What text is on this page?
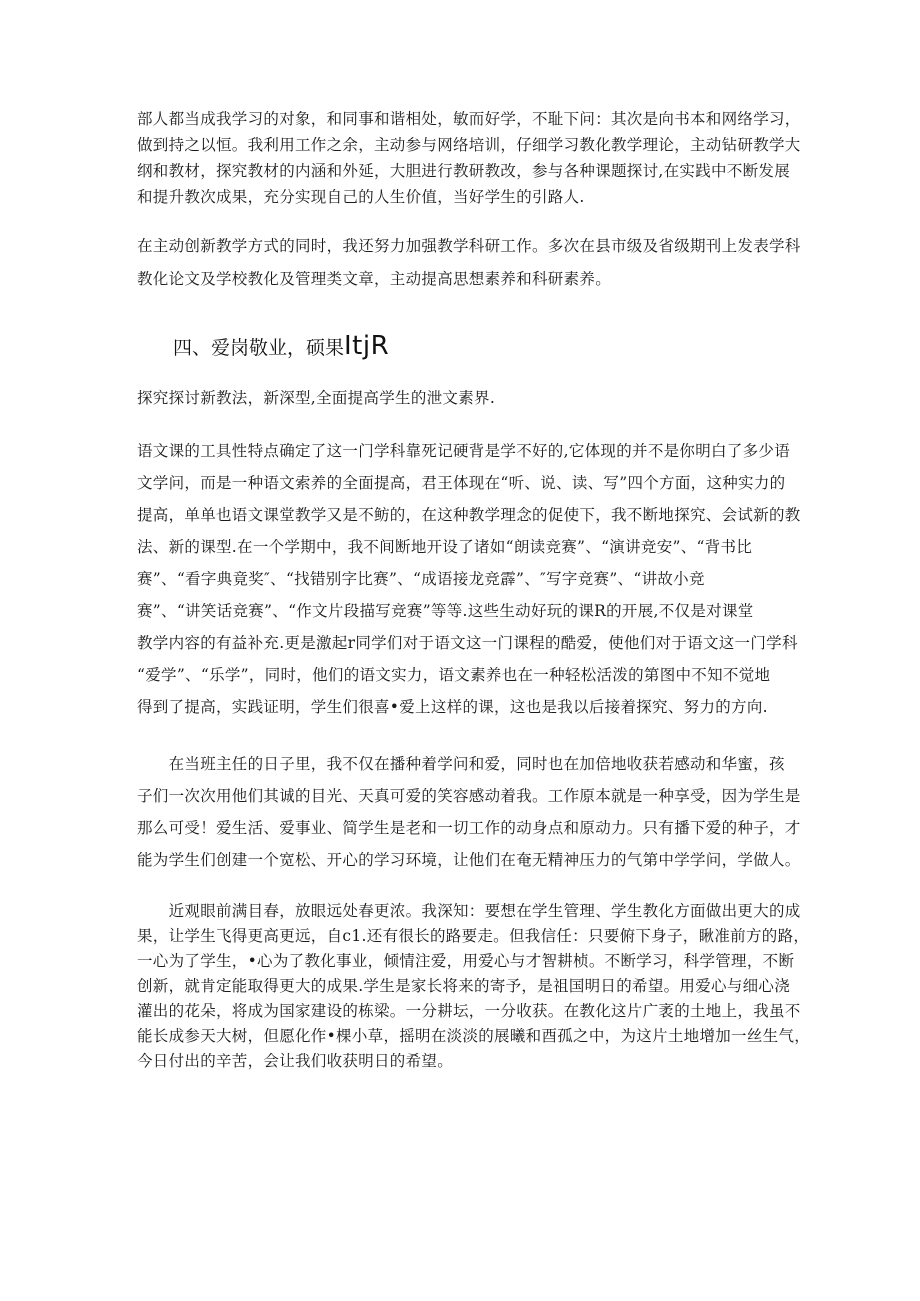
部人都当成我学习的对象，和同事和谐相处，敏而好学，不耻下问：其次是向书本和网络学习，
做到持之以恒。我利用工作之余，主动参与网络培训，仔细学习教化教学理论，主动钻研教学大
纲和教材，探究教材的内涵和外延，大胆进行教研教改，参与各种课题探讨,在实践中不断发展
和提升教次成果，充分实现自己的人生价值，当好学生的引路人.
在主动创新教学方式的同时，我还努力加强教学科研工作。多次在县市级及省级期刊上发表学科
教化论文及学校教化及管理类文章，主动提高思想素养和科研素养。
四、爱岗敬业，硕果ItjR
探究探讨新教法，新深型,全面提高学生的泄文素界.
语文课的工具性特点确定了这一门学科靠死记硬背是学不好的,它体现的并不是你明白了多少语
文学问，而是一种语文索养的全面提高，君王体现在“听、说、读、写”四个方面，这种实力的
提高，单单也语文课堂教学又是不鲂的，在这种教学理念的促使下，我不断地探究、会试新的教
法、新的课型.在一个学期中，我不间断地开设了诸如“朗读竞赛”、“演讲竞安”、“背书比
赛”、“看字典竟奖″、“找错别字比赛”、“成语接龙竞霹”、″写字竞赛”、“讲故小竞
赛”、“讲笑话竞赛”、“作文片段描写竞赛”等等.这些生动好玩的课R的开展,不仅是对课堂
教学内容的有益补充.更是激起r同学们对于语文这一门课程的酷爱，使他们对于语文这一门学科
“爱学”、“乐学”，同时，他们的语文实力，语文素养也在一种轻松活泼的第图中不知不觉地
得到了提高，实践证明，学生们很喜•爱上这样的课，这也是我以后接着探究、努力的方向.
　　在当班主任的日子里，我不仅在播种着学问和爱，同时也在加倍地收获若感动和华蜜，孩
子们一次次用他们其诚的目光、天真可爱的笑容感动着我。工作原本就是一种享受，因为学生是
那么可受！爱生活、爱事业、简学生是老和一切工作的动身点和原动力。只有播下爱的种子，才
能为学生们创建一个宽松、开心的学习环境，让他们在奄无精神压力的气第中学学问，学做人。
　　近观眼前满目春，放眼远处春更浓。我深知：要想在学生管理、学生教化方面做出更大的成
果，让学生飞得更高更远，自c1.还有很长的路要走。但我信任：只要俯下身子，瞅准前方的路，
一心为了学生，•心为了教化事业，倾情注爱，用爱心与才智耕桢。不断学习，科学管理，不断
创新，就肯定能取得更大的成果.学生是家长将来的寄予，是祖国明日的希望。用爱心与细心浇
灌出的花朵，将成为国家建设的栋梁。一分耕坛，一分收获。在教化这片广袤的土地上，我虽不
能长成参天大树，但愿化作•棵小草，摇明在淡淡的展曦和酉孤之中，为这片土地增加一丝生气，
今日付出的辛苦，会让我们收获明日的希望。
